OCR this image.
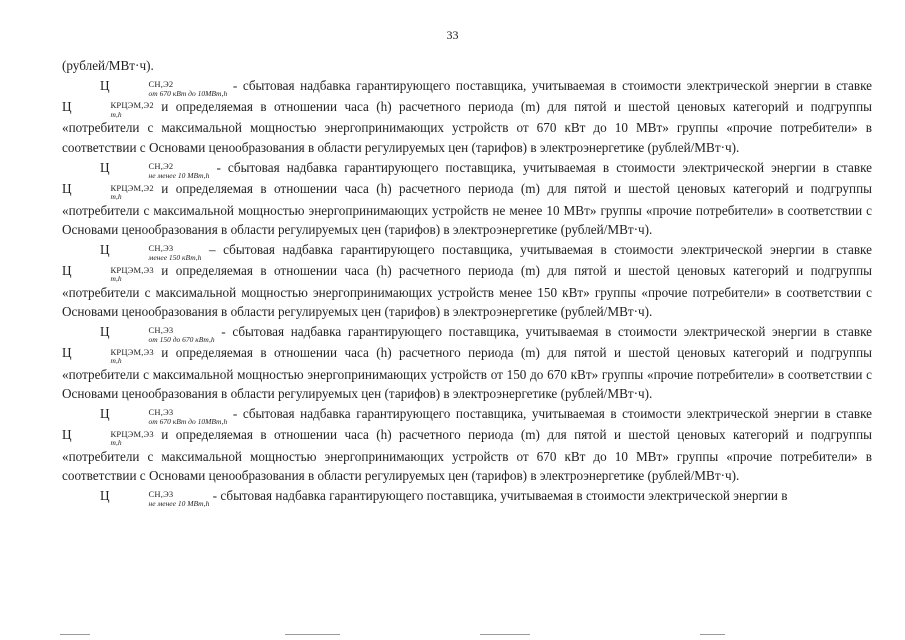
33

(рублей/МВт·ч).

Ц	СН,Э2
от 670 кВт до 10МВт,h
- сбытовая надбавка гарантирующего поставщика, учитываемая в стоимости электрической энергии в ставке Ц	КРЦЭМ,Э2
m,h
и определяемая в отношении часа (h) расчетного периода (m) для пятой и шестой ценовых категорий и подгруппы «потребители с максимальной мощностью энергопринимающих устройств от 670 кВт до 10 МВт» группы «прочие потребители» в соответствии с Основами ценообразования в области регулируемых цен (тарифов) в электроэнергетике (рублей/МВт·ч).

Ц	СН,Э2
не менее 10 МВт,h
- сбытовая надбавка гарантирующего поставщика, учитываемая в стоимости электрической энергии в ставке Ц	КРЦЭМ,Э2
m,h
и определяемая в отношении часа (h) расчетного периода (m) для пятой и шестой ценовых категорий и подгруппы «потребители с максимальной мощностью энергопринимающих устройств не менее 10 МВт» группы «прочие потребители» в соответствии с Основами ценообразования в области регулируемых цен (тарифов) в электроэнергетике (рублей/МВт·ч).

Ц	СН,Э3
менее 150 кВт,h
– сбытовая надбавка гарантирующего поставщика, учитываемая в стоимости электрической энергии в ставке Ц	КРЦЭМ,Э3
m,h
и определяемая в отношении часа (h) расчетного периода (m) для пятой и шестой ценовых категорий и подгруппы «потребители с максимальной мощностью энергопринимающих устройств менее 150 кВт» группы «прочие потребители» в соответствии с Основами ценообразования в области регулируемых цен (тарифов) в электроэнергетике (рублей/МВт·ч).

Ц	СН,Э3
от 150 до 670 кВт,h
- сбытовая надбавка гарантирующего поставщика, учитываемая в стоимости электрической энергии в ставке Ц	КРЦЭМ,Э3
m,h
и определяемая в отношении часа (h) расчетного периода (m) для пятой и шестой ценовых категорий и подгруппы «потребители с максимальной мощностью энергопринимающих устройств от 150 до 670 кВт» группы «прочие потребители» в соответствии с Основами ценообразования в области регулируемых цен (тарифов) в электроэнергетике (рублей/МВт·ч).

Ц	СН,Э3
от 670 кВт до 10МВт,h
- сбытовая надбавка гарантирующего поставщика, учитываемая в стоимости электрической энергии в ставке Ц	КРЦЭМ,Э3
m,h
и определяемая в отношении часа (h) расчетного периода (m) для пятой и шестой ценовых категорий и подгруппы «потребители с максимальной мощностью энергопринимающих устройств от 670 кВт до 10 МВт» группы «прочие потребители» в соответствии с Основами ценообразования в области регулируемых цен (тарифов) в электроэнергетике (рублей/МВт·ч).

Ц	СН,Э3
не менее 10 МВт,h
- сбытовая надбавка гарантирующего поставщика, учитываемая в стоимости электрической энергии в
